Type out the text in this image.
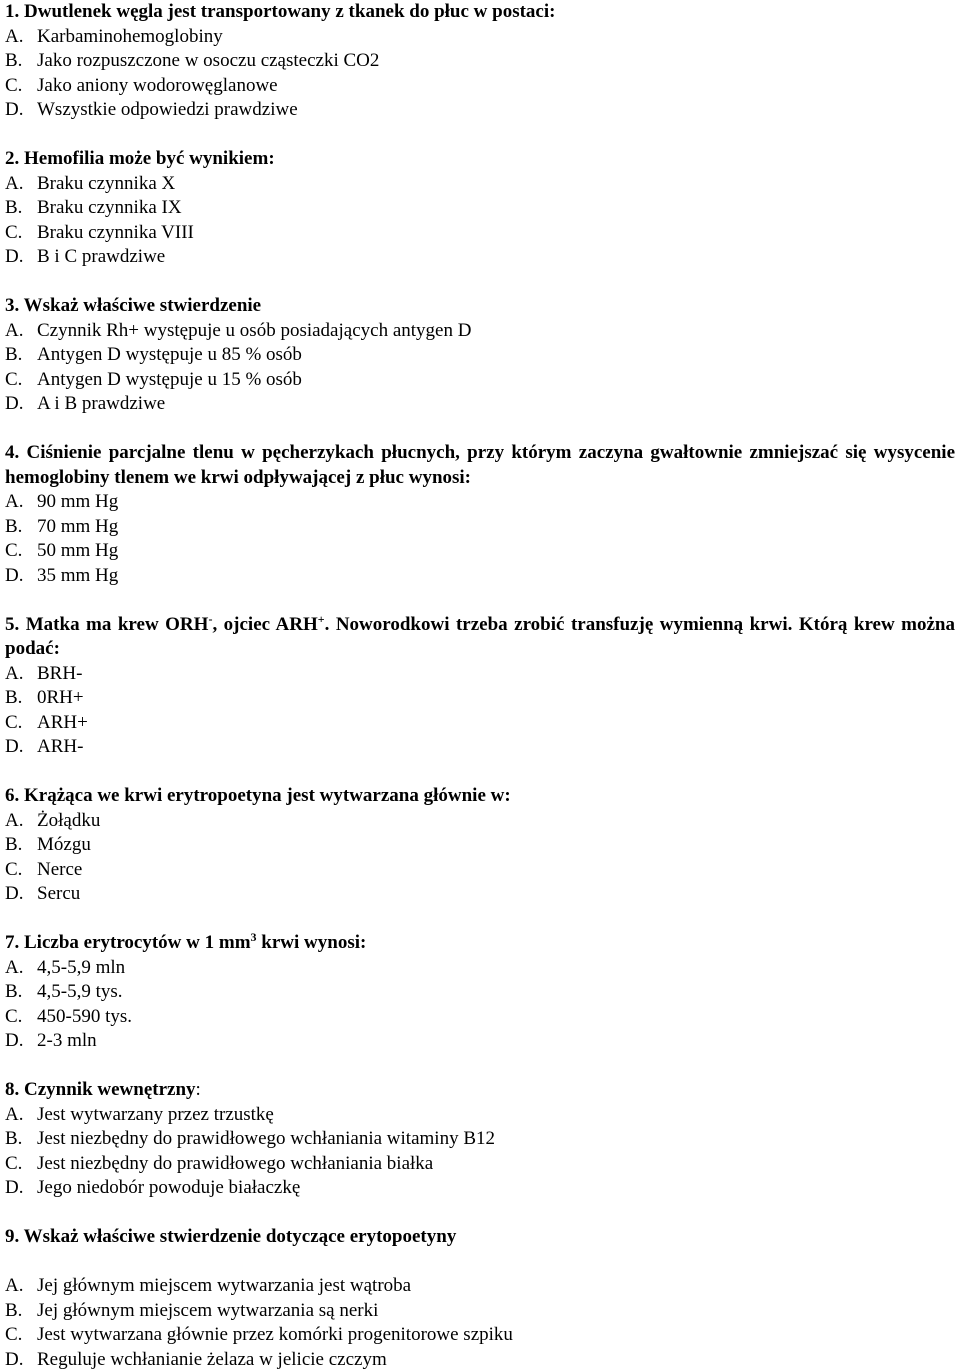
1. Dwutlenek węgla jest transportowany z tkanek do płuc w postaci:
A. Karbaminohemoglobiny
B. Jako rozpuszczone w osoczu cząsteczki CO2
C. Jako aniony wodorowęglanowe
D. Wszystkie odpowiedzi prawdziwe
2. Hemofilia może być wynikiem:
A. Braku czynnika X
B. Braku czynnika IX
C. Braku czynnika VIII
D. B i C prawdziwe
3. Wskaż właściwe stwierdzenie
A. Czynnik Rh+ występuje u osób posiadających antygen D
B. Antygen D występuje u 85 % osób
C. Antygen D występuje u 15 % osób
D. A i B prawdziwe
4. Ciśnienie parcjalne tlenu w pęcherzykach płucnych, przy którym zaczyna gwałtownie zmniejszać się wysycenie hemoglobiny tlenem we krwi odpływającej z płuc wynosi:
A. 90 mm Hg
B. 70 mm Hg
C. 50 mm Hg
D. 35 mm Hg
5. Matka ma krew ORH-, ojciec ARH+. Noworodkowi trzeba zrobić transfuzję wymienną krwi. Którą krew można podać:
A. BRH-
B. 0RH+
C. ARH+
D. ARH-
6. Krążąca we krwi erytropoetyna jest wytwarzana głównie w:
A. Żołądku
B. Mózgu
C. Nerce
D. Sercu
7. Liczba erytrocytów w 1 $mm^3$ krwi wynosi:
A. 4,5-5,9 mln
B. 4,5-5,9 tys.
C. 450-590 tys.
D. 2-3 mln
8. Czynnik wewnętrzny:
A. Jest wytwarzany przez trzustkę
B. Jest niezbędny do prawidłowego wchłaniania witaminy B12
C. Jest niezbędny do prawidłowego wchłaniania białka
D. Jego niedobór powoduje białaczkę
9. Wskaż właściwe stwierdzenie dotyczące erytopoetyny
A. Jej głównym miejscem wytwarzania jest wątroba
B. Jej głównym miejscem wytwarzania są nerki
C. Jest wytwarzana głównie przez komórki progenitorowe szpiku
D. Reguluje wchłanianie żelaza w jelicie czczym
